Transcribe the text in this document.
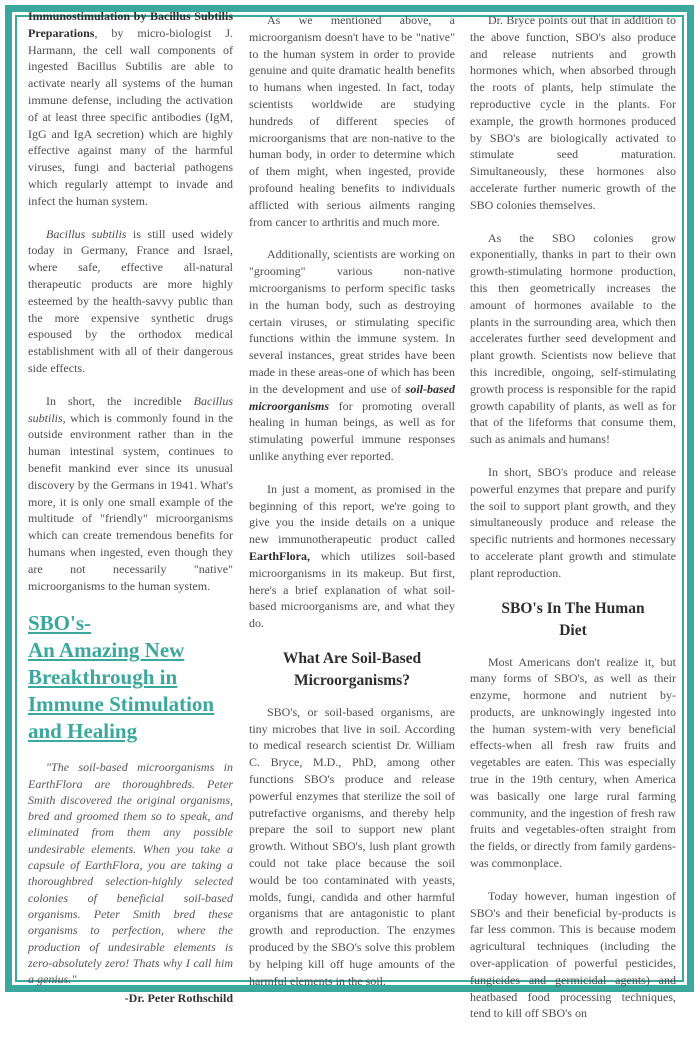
Immunostimulation by Bacillus Subtilis Preparations, by micro-biologist J. Harmann, the cell wall components of ingested Bacillus Subtilis are able to activate nearly all systems of the human immune defense, including the activation of at least three specific antibodies (IgM, IgG and IgA secretion) which are highly effective against many of the harmful viruses, fungi and bacterial pathogens which regularly attempt to invade and infect the human system.

Bacillus subtilis is still used widely today in Germany, France and Israel, where safe, effective all-natural therapeutic products are more highly esteemed by the health-savvy public than the more expensive synthetic drugs espoused by the orthodox medical establishment with all of their dangerous side effects.

In short, the incredible Bacillus subtilis, which is commonly found in the outside environment rather than in the human intestinal system, continues to benefit mankind ever since its unusual discovery by the Germans in 1941. What's more, it is only one small example of the multitude of "friendly" microorganisms which can create tremendous benefits for humans when ingested, even though they are not necessarily "native" microorganisms to the human system.

SBO's-
An Amazing New
Breakthrough in
Immune Stimulation
and Healing

"The soil-based microorganisms in EarthFlora are thoroughbreds. Peter Smith discovered the original organisms, bred and groomed them so to speak, and eliminated from them any possible undesirable elements. When you take a capsule of EarthFlora, you are taking a thoroughbred selection-highly selected colonies of beneficial soil-based organisms. Peter Smith bred these organisms to perfection, where the production of undesirable elements is zero-absolutely zero! Thats why I call him a genius."

-Dr. Peter Rothschild

As we mentioned above, a microorganism doesn't have to be "native" to the human system in order to provide genuine and quite dramatic health benefits to humans when ingested. In fact, today scientists worldwide are studying hundreds of different species of microorganisms that are non-native to the human body, in order to determine which of them might, when ingested, provide profound healing benefits to individuals afflicted with serious ailments ranging from cancer to arthritis and much more.

Additionally, scientists are working on "grooming" various non-native microorganisms to perform specific tasks in the human body, such as destroying certain viruses, or stimulating specific functions within the immune system. In several instances, great strides have been made in these areas-one of which has been in the development and use of soil-based microorganisms for promoting overall healing in human beings, as well as for stimulating powerful immune responses unlike anything ever reported.

In just a moment, as promised in the beginning of this report, we're going to give you the inside details on a unique new immunotherapeutic product called EarthFlora, which utilizes soil-based microorganisms in its makeup. But first, here's a brief explanation of what soil-based microorganisms are, and what they do.

What Are Soil-Based
Microorganisms?

SBO's, or soil-based organisms, are tiny microbes that live in soil. According to medical research scientist Dr. William C. Bryce, M.D., PhD, among other functions SBO's produce and release powerful enzymes that sterilize the soil of putrefactive organisms, and thereby help prepare the soil to support new plant growth. Without SBO's, lush plant growth could not take place because the soil would be too contaminated with yeasts, molds, fungi, candida and other harmful organisms that are antagonistic to plant growth and reproduction. The enzymes produced by the SBO's solve this problem by helping kill off huge amounts of the harmful elements in the soil.

Dr. Bryce points out that in addition to the above function, SBO's also produce and release nutrients and growth hormones which, when absorbed through the roots of plants, help stimulate the reproductive cycle in the plants. For example, the growth hormones produced by SBO's are biologically activated to stimulate seed maturation. Simultaneously, these hormones also accelerate further numeric growth of the SBO colonies themselves.

As the SBO colonies grow exponentially, thanks in part to their own growth-stimulating hormone production, this then geometrically increases the amount of hormones available to the plants in the surrounding area, which then accelerates further seed development and plant growth. Scientists now believe that this incredible, ongoing, self-stimulating growth process is responsible for the rapid growth capability of plants, as well as for that of the lifeforms that consume them, such as animals and humans!

In short, SBO's produce and release powerful enzymes that prepare and purify the soil to support plant growth, and they simultaneously produce and release the specific nutrients and hormones necessary to accelerate plant growth and stimulate plant reproduction.

SBO's In The Human
Diet

Most Americans don't realize it, but many forms of SBO's, as well as their enzyme, hormone and nutrient by-products, are unknowingly ingested into the human system-with very beneficial effects-when all fresh raw fruits and vegetables are eaten. This was especially true in the 19th century, when America was basically one large rural farming community, and the ingestion of fresh raw fruits and vegetables-often straight from the fields, or directly from family gardens-was commonplace.

Today however, human ingestion of SBO's and their beneficial by-products is far less common. This is because modem agricultural techniques (including the over-application of powerful pesticides, fungicides and germicidal agents) and heatbased food processing techniques, tend to kill off SBO's on
